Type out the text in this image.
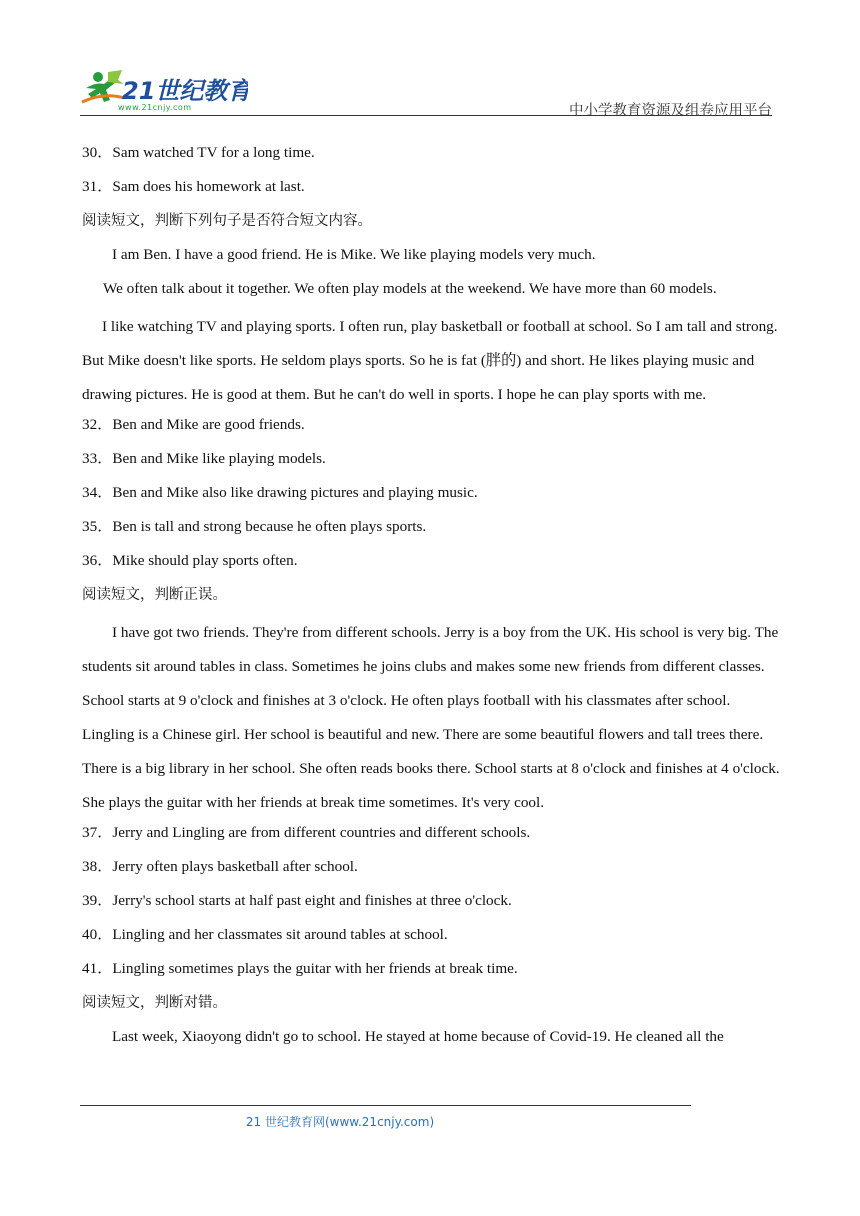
21世纪教育
www.21cnjy.com	中小学教育资源及组卷应用平台
30．Sam watched TV for a long time.
31．Sam does his homework at last.
阅读短文，判断下列句子是否符合短文内容。
I am Ben. I have a good friend. He is Mike. We like playing models very much.
We often talk about it together. We often play models at the weekend. We have more than 60 models.
I like watching TV and playing sports. I often run, play basketball or football at school. So I am tall and strong. But Mike doesn't like sports. He seldom plays sports. So he is fat (胖的) and short. He likes playing music and drawing pictures. He is good at them. But he can't do well in sports. I hope he can play sports with me.
32．Ben and Mike are good friends.
33．Ben and Mike like playing models.
34．Ben and Mike also like drawing pictures and playing music.
35．Ben is tall and strong because he often plays sports.
36．Mike should play sports often.
阅读短文，判断正误。
I have got two friends. They're from different schools. Jerry is a boy from the UK. His school is very big. The students sit around tables in class. Sometimes he joins clubs and makes some new friends from different classes. School starts at 9 o'clock and finishes at 3 o'clock. He often plays football with his classmates after school. Lingling is a Chinese girl. Her school is beautiful and new. There are some beautiful flowers and tall trees there. There is a big library in her school. She often reads books there. School starts at 8 o'clock and finishes at 4 o'clock. She plays the guitar with her friends at break time sometimes. It's very cool.
37．Jerry and Lingling are from different countries and different schools.
38．Jerry often plays basketball after school.
39．Jerry's school starts at half past eight and finishes at three o'clock.
40．Lingling and her classmates sit around tables at school.
41．Lingling sometimes plays the guitar with her friends at break time.
阅读短文，判断对错。
Last week, Xiaoyong didn't go to school. He stayed at home because of Covid-19. He cleaned all the
21 世纪教育网(www.21cnjy.com)
